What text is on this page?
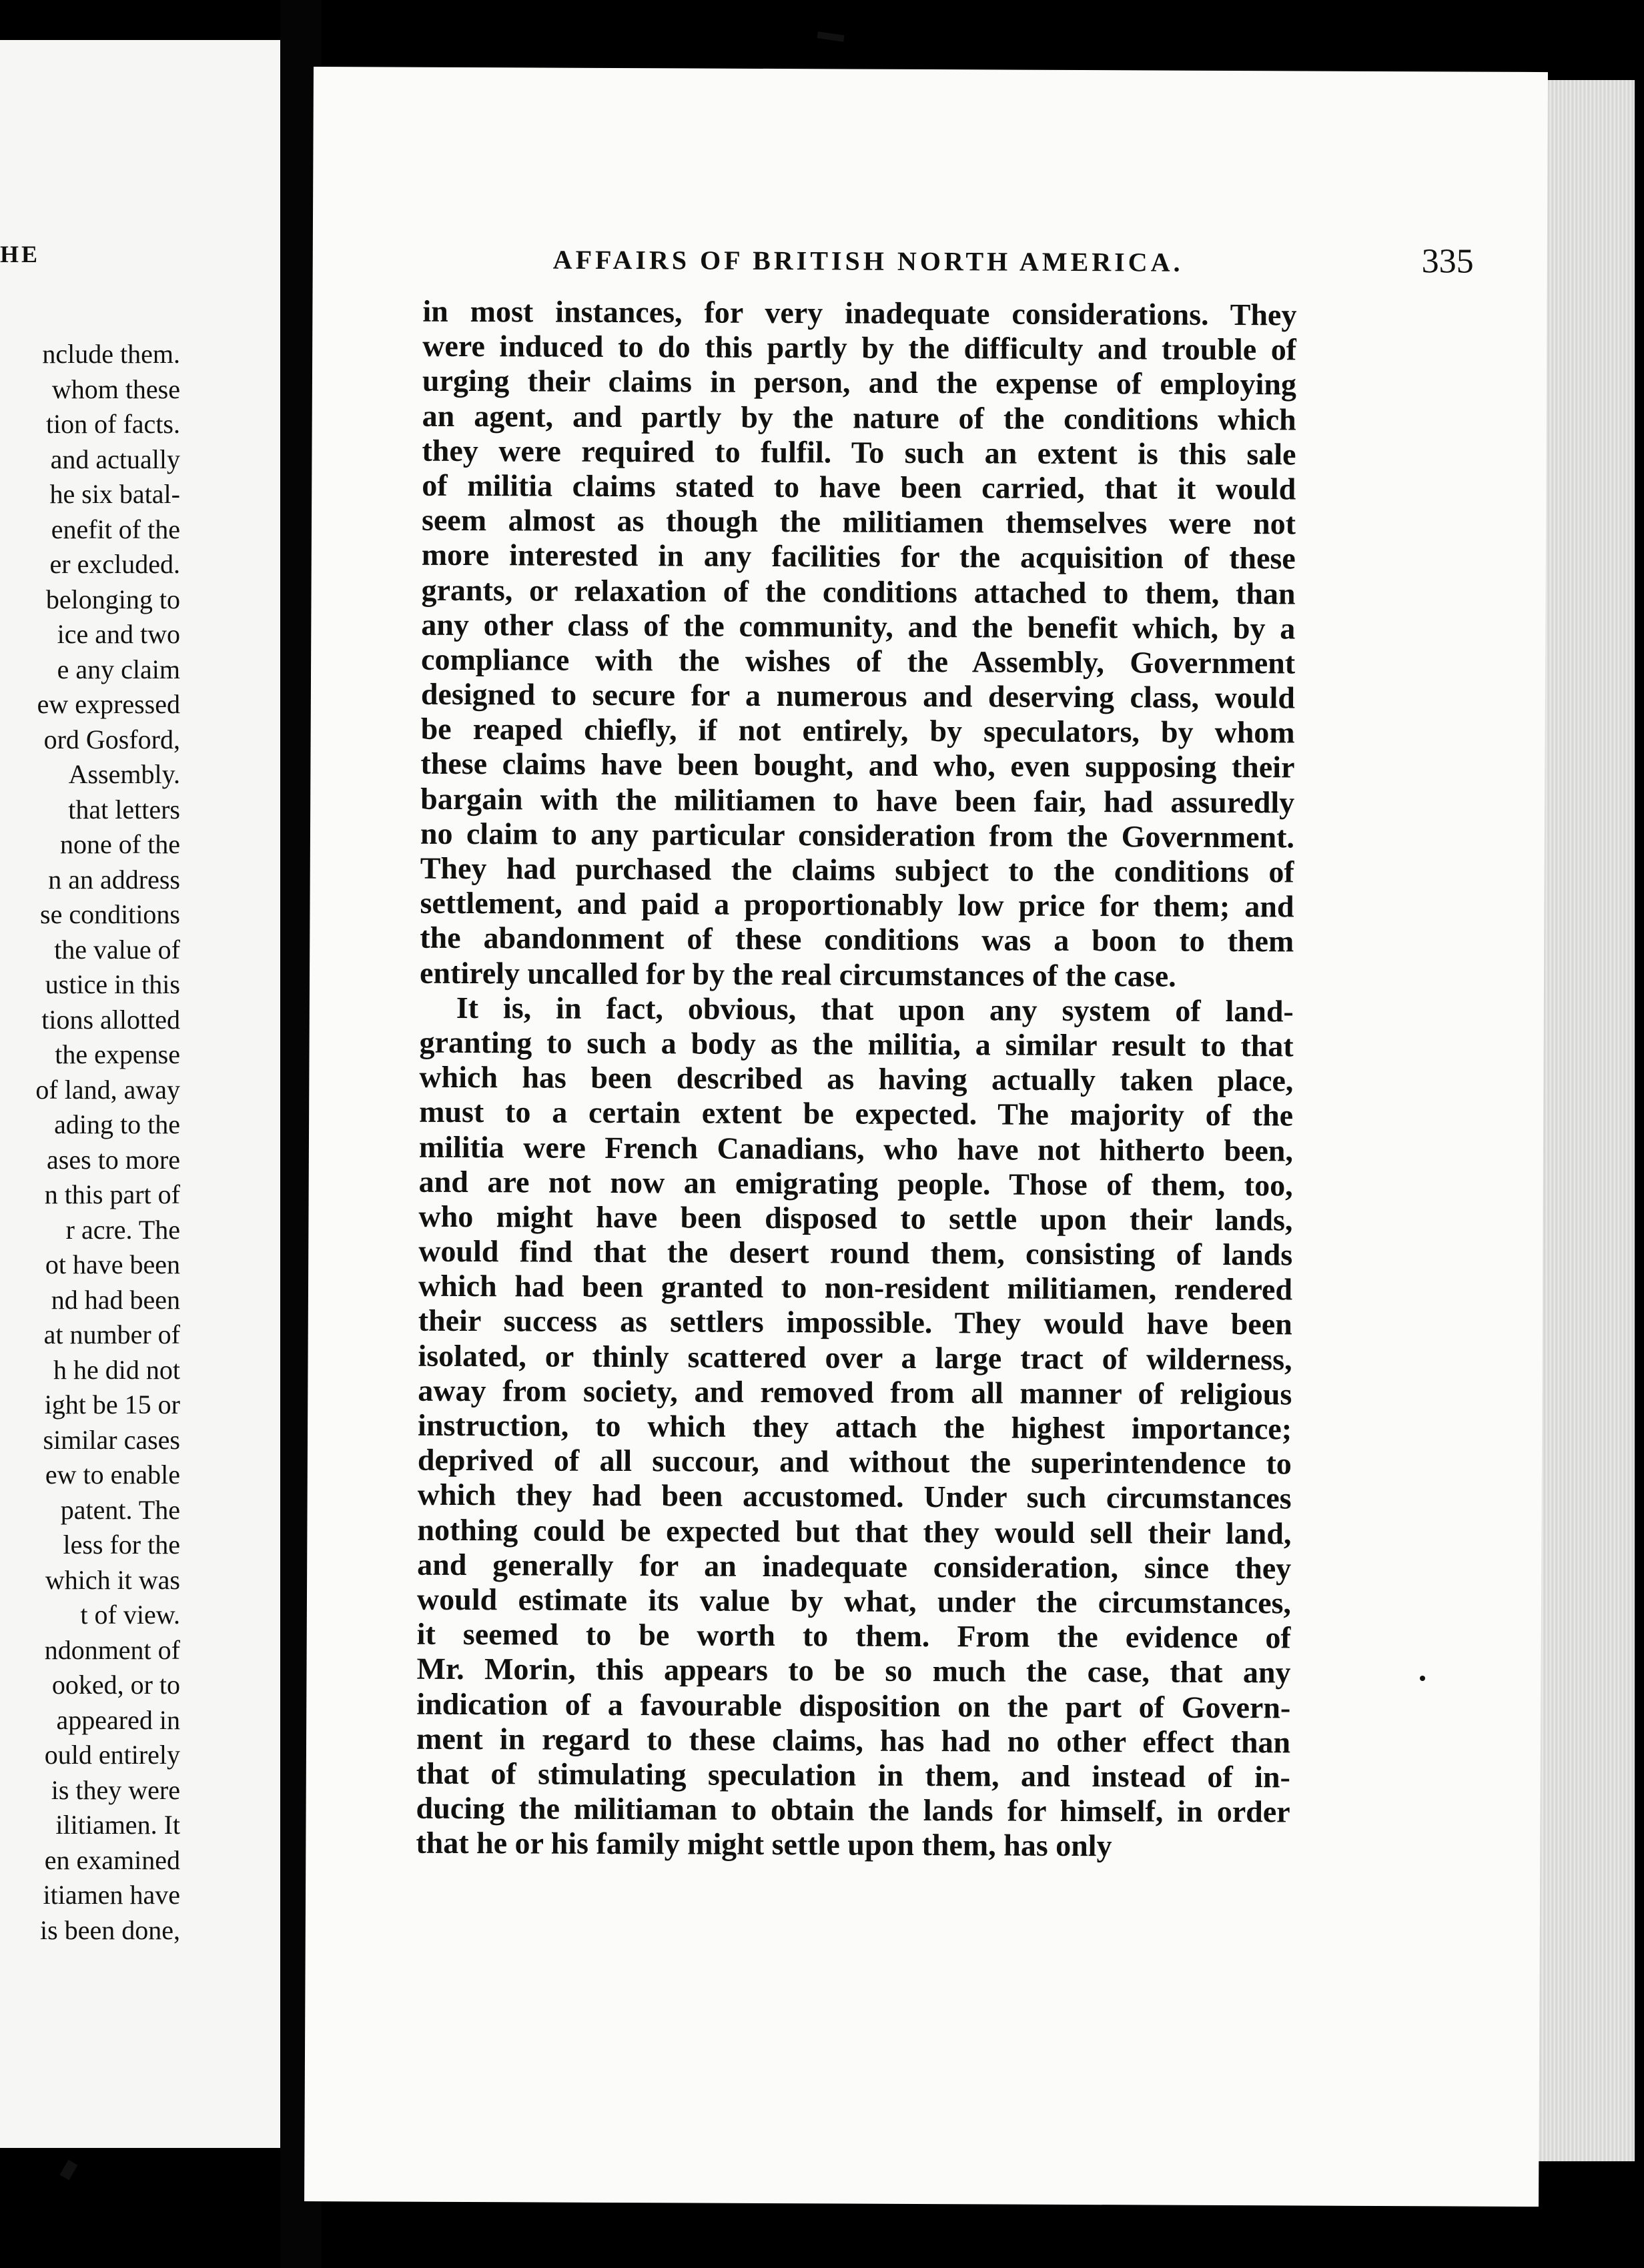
HE
nclude them.
whom these
tion of facts.
and actually
he six batal-
enefit of the
er excluded.
belonging to
ice and two
e any claim
ew expressed
ord Gosford,
Assembly.
that letters
none of the
n an address
se conditions
the value of
ustice in this
tions allotted
the expense
of land, away
ading to the
ases to more
n this part of
r acre. The
ot have been
nd had been
at number of
h he did not
ight be 15 or
similar cases
ew to enable
patent. The
less for the
which it was
t of view.
ndonment of
ooked, or to
appeared in
ould entirely
is they were
ilitiamen. It
en examined
itiamen have
is been done,
AFFAIRS OF BRITISH NORTH AMERICA.	335
in most instances, for very inadequate considerations. They
were induced to do this partly by the difficulty and trouble of
urging their claims in person, and the expense of employing
an agent, and partly by the nature of the conditions which
they were required to fulfil. To such an extent is this sale
of militia claims stated to have been carried, that it would
seem almost as though the militiamen themselves were not
more interested in any facilities for the acquisition of these
grants, or relaxation of the conditions attached to them, than
any other class of the community, and the benefit which, by a
compliance with the wishes of the Assembly, Government
designed to secure for a numerous and deserving class, would
be reaped chiefly, if not entirely, by speculators, by whom
these claims have been bought, and who, even supposing their
bargain with the militiamen to have been fair, had assuredly
no claim to any particular consideration from the Government.
They had purchased the claims subject to the conditions of
settlement, and paid a proportionably low price for them; and
the abandonment of these conditions was a boon to them
entirely uncalled for by the real circumstances of the case.
It is, in fact, obvious, that upon any system of land-
granting to such a body as the militia, a similar result to that
which has been described as having actually taken place,
must to a certain extent be expected. The majority of the
militia were French Canadians, who have not hitherto been,
and are not now an emigrating people. Those of them, too,
who might have been disposed to settle upon their lands,
would find that the desert round them, consisting of lands
which had been granted to non-resident militiamen, rendered
their success as settlers impossible. They would have been
isolated, or thinly scattered over a large tract of wilderness,
away from society, and removed from all manner of religious
instruction, to which they attach the highest importance;
deprived of all succour, and without the superintendence to
which they had been accustomed. Under such circumstances
nothing could be expected but that they would sell their land,
and generally for an inadequate consideration, since they
would estimate its value by what, under the circumstances,
it seemed to be worth to them. From the evidence of
Mr. Morin, this appears to be so much the case, that any
indication of a favourable disposition on the part of Govern-
ment in regard to these claims, has had no other effect than
that of stimulating speculation in them, and instead of in-
ducing the militiaman to obtain the lands for himself, in order
that he or his family might settle upon them, has only
